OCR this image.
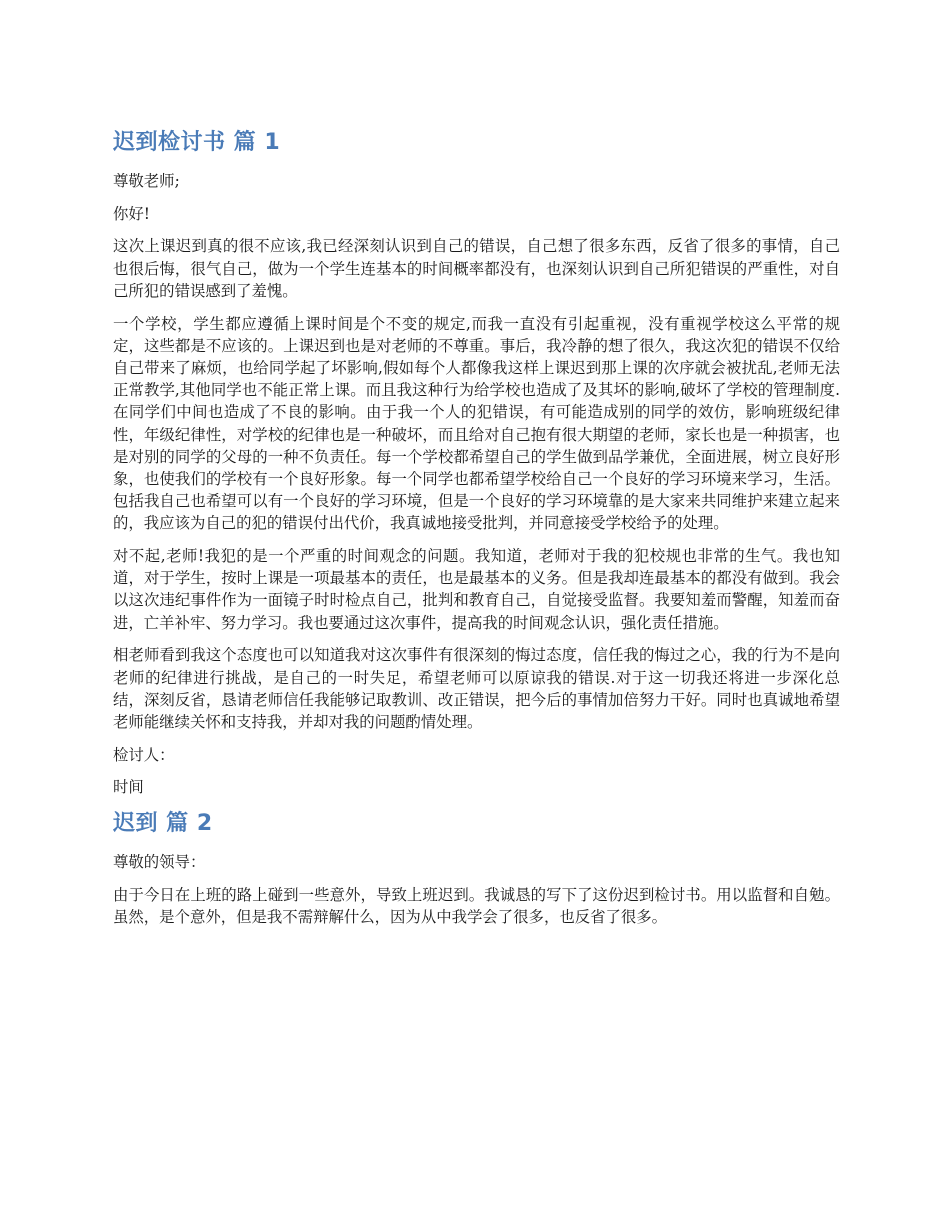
迟到检讨书 篇 1

尊敬老师;

你好!

这次上课迟到真的很不应该,我已经深刻认识到自己的错误，自己想了很多东西，反省了很多的事情，自己也很后悔，很气自己，做为一个学生连基本的时间概率都没有，也深刻认识到自己所犯错误的严重性，对自己所犯的错误感到了羞愧。

一个学校，学生都应遵循上课时间是个不变的规定,而我一直没有引起重视，没有重视学校这么平常的规定，这些都是不应该的。上课迟到也是对老师的不尊重。事后，我冷静的想了很久，我这次犯的错误不仅给自己带来了麻烦，也给同学起了坏影响,假如每个人都像我这样上课迟到那上课的次序就会被扰乱,老师无法正常教学,其他同学也不能正常上课。而且我这种行为给学校也造成了及其坏的影响,破坏了学校的管理制度.在同学们中间也造成了不良的影响。由于我一个人的犯错误，有可能造成别的同学的效仿，影响班级纪律性，年级纪律性，对学校的纪律也是一种破坏，而且给对自己抱有很大期望的老师，家长也是一种损害，也是对别的同学的父母的一种不负责任。每一个学校都希望自己的学生做到品学兼优，全面进展，树立良好形象，也使我们的学校有一个良好形象。每一个同学也都希望学校给自己一个良好的学习环境来学习，生活。包括我自己也希望可以有一个良好的学习环境，但是一个良好的学习环境靠的是大家来共同维护来建立起来的，我应该为自己的犯的错误付出代价，我真诚地接受批判，并同意接受学校给予的处理。

对不起,老师!我犯的是一个严重的时间观念的问题。我知道，老师对于我的犯校规也非常的生气。我也知道，对于学生，按时上课是一项最基本的责任，也是最基本的义务。但是我却连最基本的都没有做到。我会以这次违纪事件作为一面镜子时时检点自己，批判和教育自己，自觉接受监督。我要知羞而警醒，知羞而奋进，亡羊补牢、努力学习。我也要通过这次事件，提高我的时间观念认识，强化责任措施。

相老师看到我这个态度也可以知道我对这次事件有很深刻的悔过态度，信任我的悔过之心，我的行为不是向老师的纪律进行挑战，是自己的一时失足，希望老师可以原谅我的错误.对于这一切我还将进一步深化总结，深刻反省，恳请老师信任我能够记取教训、改正错误，把今后的事情加倍努力干好。同时也真诚地希望老师能继续关怀和支持我，并却对我的问题酌情处理。

检讨人：

时间

迟到 篇 2

尊敬的领导：

由于今日在上班的路上碰到一些意外，导致上班迟到。我诚恳的写下了这份迟到检讨书。用以监督和自勉。虽然，是个意外，但是我不需辩解什么，因为从中我学会了很多，也反省了很多。
